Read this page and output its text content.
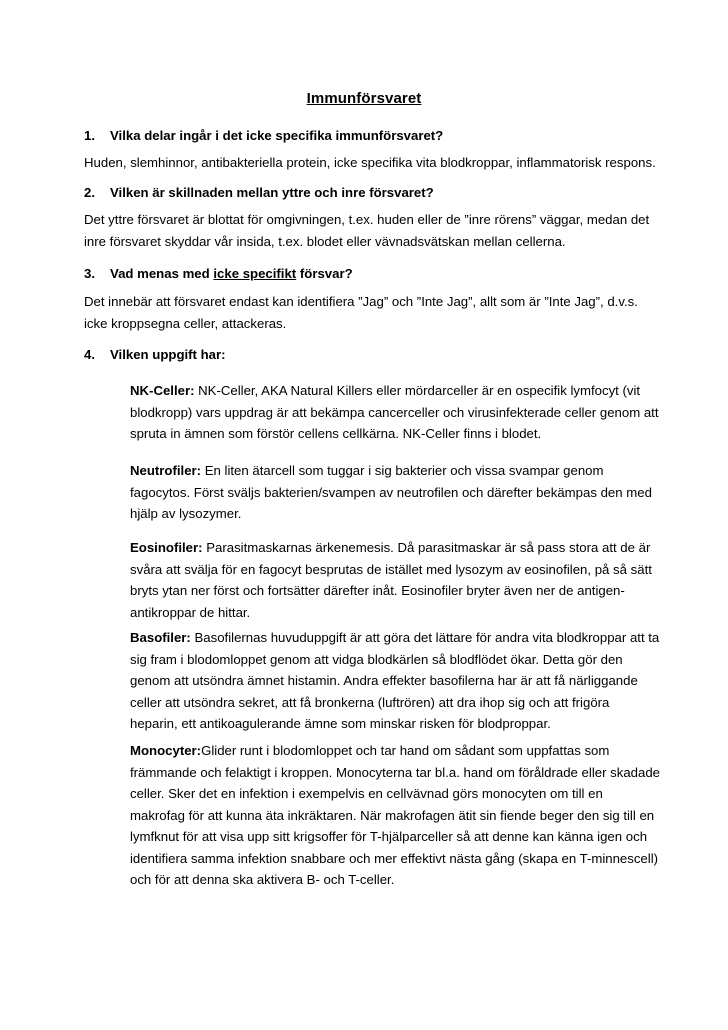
Immunförsvaret
1. Vilka delar ingår i det icke specifika immunförsvaret?
Huden, slemhinnor, antibakteriella protein, icke specifika vita blodkroppar, inflammatorisk respons.
2. Vilken är skillnaden mellan yttre och inre försvaret?
Det yttre försvaret är blottat för omgivningen, t.ex. huden eller de ”inre rörens” väggar, medan det inre försvaret skyddar vår insida, t.ex. blodet eller vävnadsvätskan mellan cellerna.
3. Vad menas med icke specifikt försvar?
Det innebär att försvaret endast kan identifiera ”Jag” och ”Inte Jag”, allt som är ”Inte Jag”, d.v.s. icke kroppsegna celler, attackeras.
4. Vilken uppgift har:
NK-Celler: NK-Celler, AKA Natural Killers eller mördarceller är en ospecifik lymfocyt (vit blodkropp) vars uppdrag är att bekämpa cancerceller och virusinfekterade celler genom att spruta in ämnen som förstör cellens cellkärna. NK-Celler finns i blodet.
Neutrofiler: En liten ätarcell som tuggar i sig bakterier och vissa svampar genom fagocytos. Först sväljs bakterien/svampen av neutrofilen och därefter bekämpas den med hjälp av lysozymer.
Eosinofiler: Parasitmaskarnas ärkenemesis. Då parasitmaskar är så pass stora att de är svåra att svälja för en fagocyt besprutas de istället med lysozym av eosinofilen, på så sätt bryts ytan ner först och fortsätter därefter inåt. Eosinofiler bryter även ner de antigen-antikroppar de hittar.
Basofiler: Basofilernas huvuduppgift är att göra det lättare för andra vita blodkroppar att ta sig fram i blodomloppet genom att vidga blodkärlen så blodflödet ökar. Detta gör den genom att utsöndra ämnet histamin. Andra effekter basofilerna har är att få närliggande celler att utsöndra sekret, att få bronkerna (luftrören) att dra ihop sig och att frigöra heparin, ett antikoagulerande ämne som minskar risken för blodproppar.
Monocyter:Glider runt i blodomloppet och tar hand om sådant som uppfattas som främmande och felaktigt i kroppen. Monocyterna tar bl.a. hand om föråldrade eller skadade celler. Sker det en infektion i exempelvis en cellvävnad görs monocyten om till en makrofag för att kunna äta inkräktaren. När makrofagen ätit sin fiende beger den sig till en lymfknut för att visa upp sitt krigsoffer för T-hjälparceller så att denne kan känna igen och identifiera samma infektion snabbare och mer effektivt nästa gång (skapa en T-minnescell) och för att denna ska aktivera B- och T-celler.
